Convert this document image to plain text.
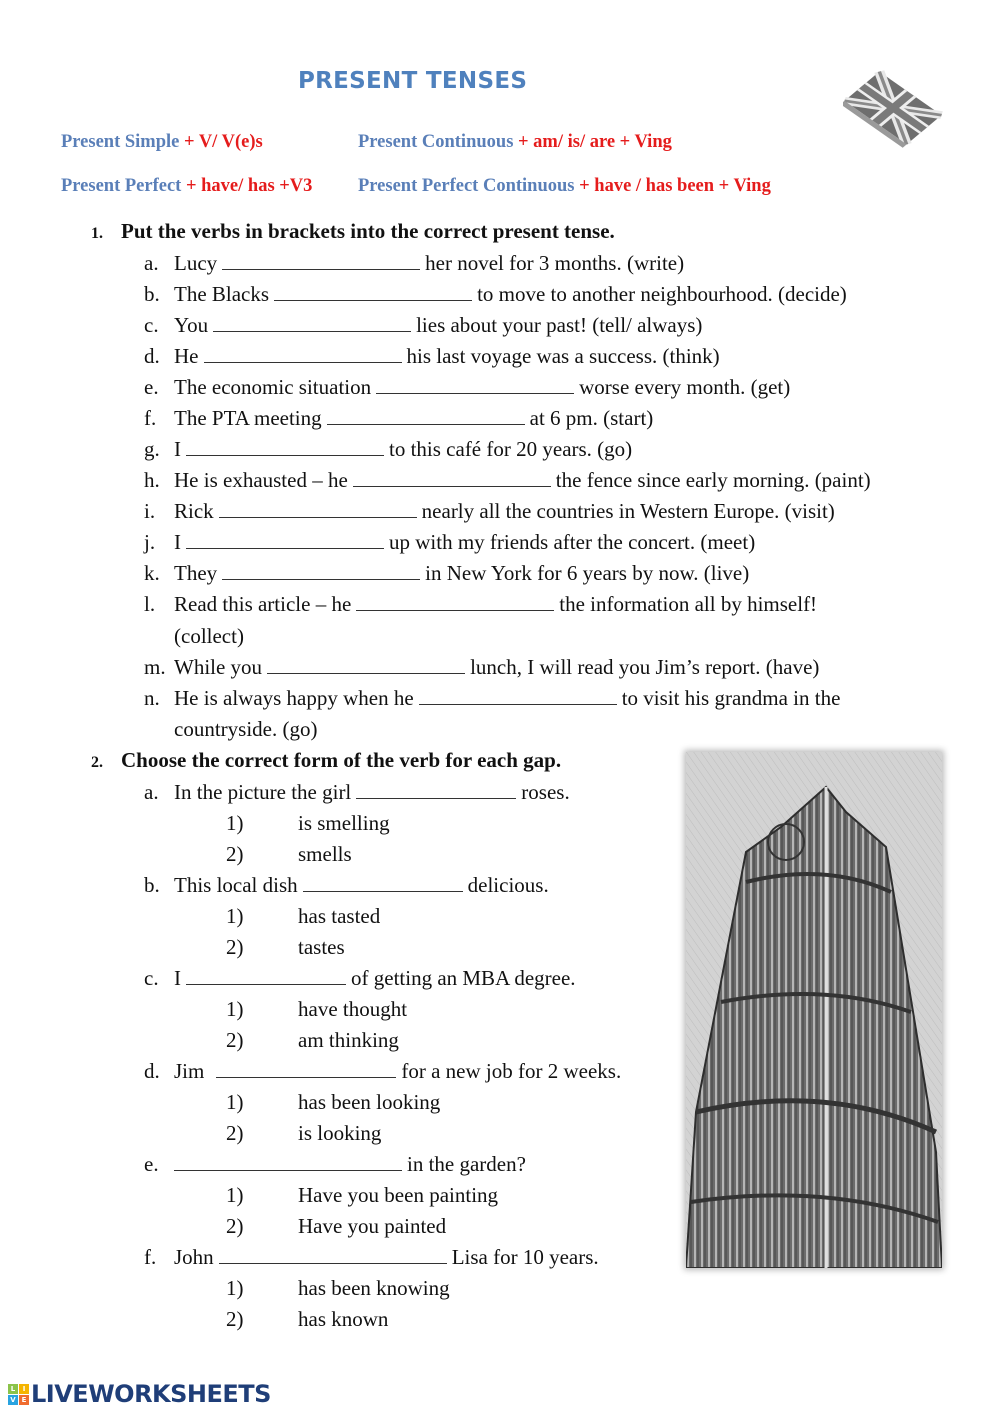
PRESENT TENSES
Present Simple + V/ V(e)s	Present Continuous + am/ is/ are + Ving
Present Perfect + have/ has +V3 Present Perfect Continuous + have / has been + Ving
1. Put the verbs in brackets into the correct present tense.
a. Lucy	her novel for 3 months. (write)
b. The Blacks	to move to another neighbourhood. (decide)
c. You	lies about your past! (tell/ always)
d. He	his last voyage was a success. (think)
e. The economic situation	worse every month. (get)
f. The PTA meeting	at 6 pm. (start)
g. I	to this café for 20 years. (go)
h. He is exhausted – he	the fence since early morning. (paint)
i. Rick	nearly all the countries in Western Europe. (visit)
j. I	up with my friends after the concert. (meet)
k. They	in New York for 6 years by now. (live)
l. Read this article – he	the information all by himself!
(collect)
m. While you	lunch, I will read you Jim’s report. (have)
n. He is always happy when he	to visit his grandma in the
countryside. (go)
2. Choose the correct form of the verb for each gap.
a. In the picture the girl	roses.
1)	is smelling
2)	smells
b. This local dish	delicious.
1)	has tasted
2)	tastes
c. I	of getting an MBA degree.
1)	have thought
2)	am thinking
d. Jim	for a new job for 2 weeks.
1)	has been looking
2)	is looking
e.	in the garden?
1)	Have you been painting
2)	Have you painted
f. John	Lisa for 10 years.
1)	has been knowing
2)	has known
L	I
V E LIVEWORKSHEETS
